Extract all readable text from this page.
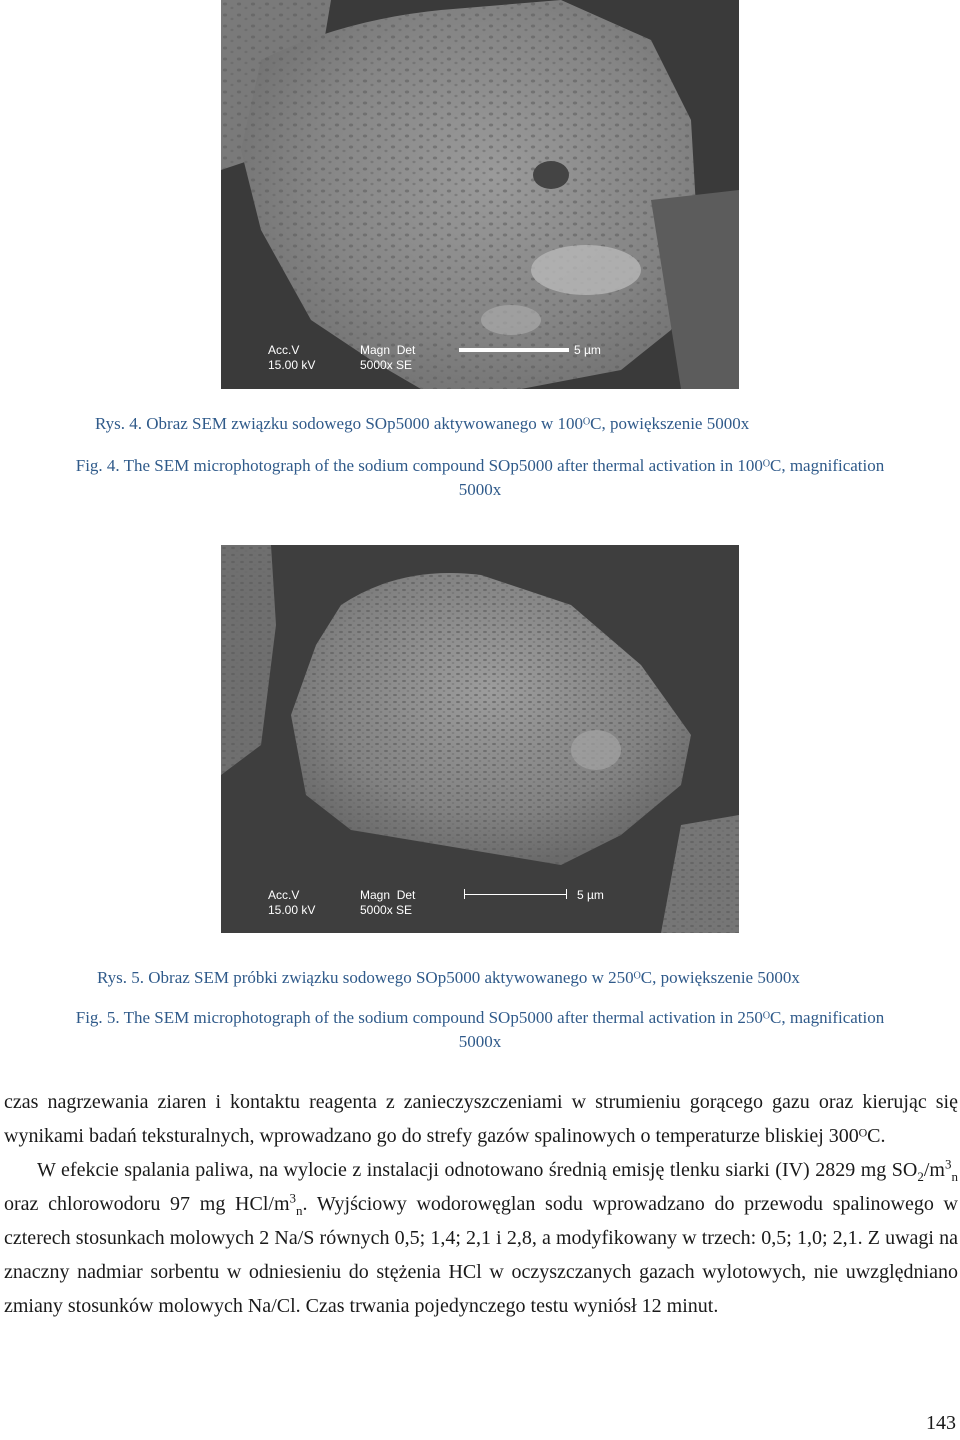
Acc.V
15.00 kV
Magn Det
5000x SE
5 µm
Rys. 4. Obraz SEM związku sodowego SOp5000 aktywowanego w 100ᴼC, powiększenie 5000x
Fig. 4. The SEM microphotograph of the sodium compound SOp5000 after thermal activation in 100ᴼC, magnification
5000x
Acc.V
15.00 kV
Magn Det
5000x SE
5 µm
Rys. 5. Obraz SEM próbki związku sodowego SOp5000 aktywowanego w 250ᴼC, powiększenie 5000x
Fig. 5. The SEM microphotograph of the sodium compound SOp5000 after thermal activation in 250ᴼC, magnification
5000x

czas nagrzewania ziaren i kontaktu reagenta z zanieczyszczeniami w strumieniu gorącego gazu oraz kierując się wynikami badań teksturalnych, wprowadzano go do strefy gazów spalinowych o temperaturze bliskiej 300ᴼC.

W efekcie spalania paliwa, na wylocie z instalacji odnotowano średnią emisję tlenku siarki (IV) 2829 mg $SO_2/m^3_n$ oraz chlorowodoru 97 mg HCl/$m^3_n$. Wyjściowy wodorowęglan sodu wprowadzano do przewodu spalinowego w czterech stosunkach molowych 2 Na/S równych 0,5; 1,4; 2,1 i 2,8, a modyfikowany w trzech: 0,5; 1,0; 2,1. Z uwagi na znaczny nadmiar sorbentu w odniesieniu do stężenia HCl w oczyszczanych gazach wylotowych, nie uwzględniano zmiany stosunków molowych Na/Cl. Czas trwania pojedynczego testu wyniósł 12 minut.

143
